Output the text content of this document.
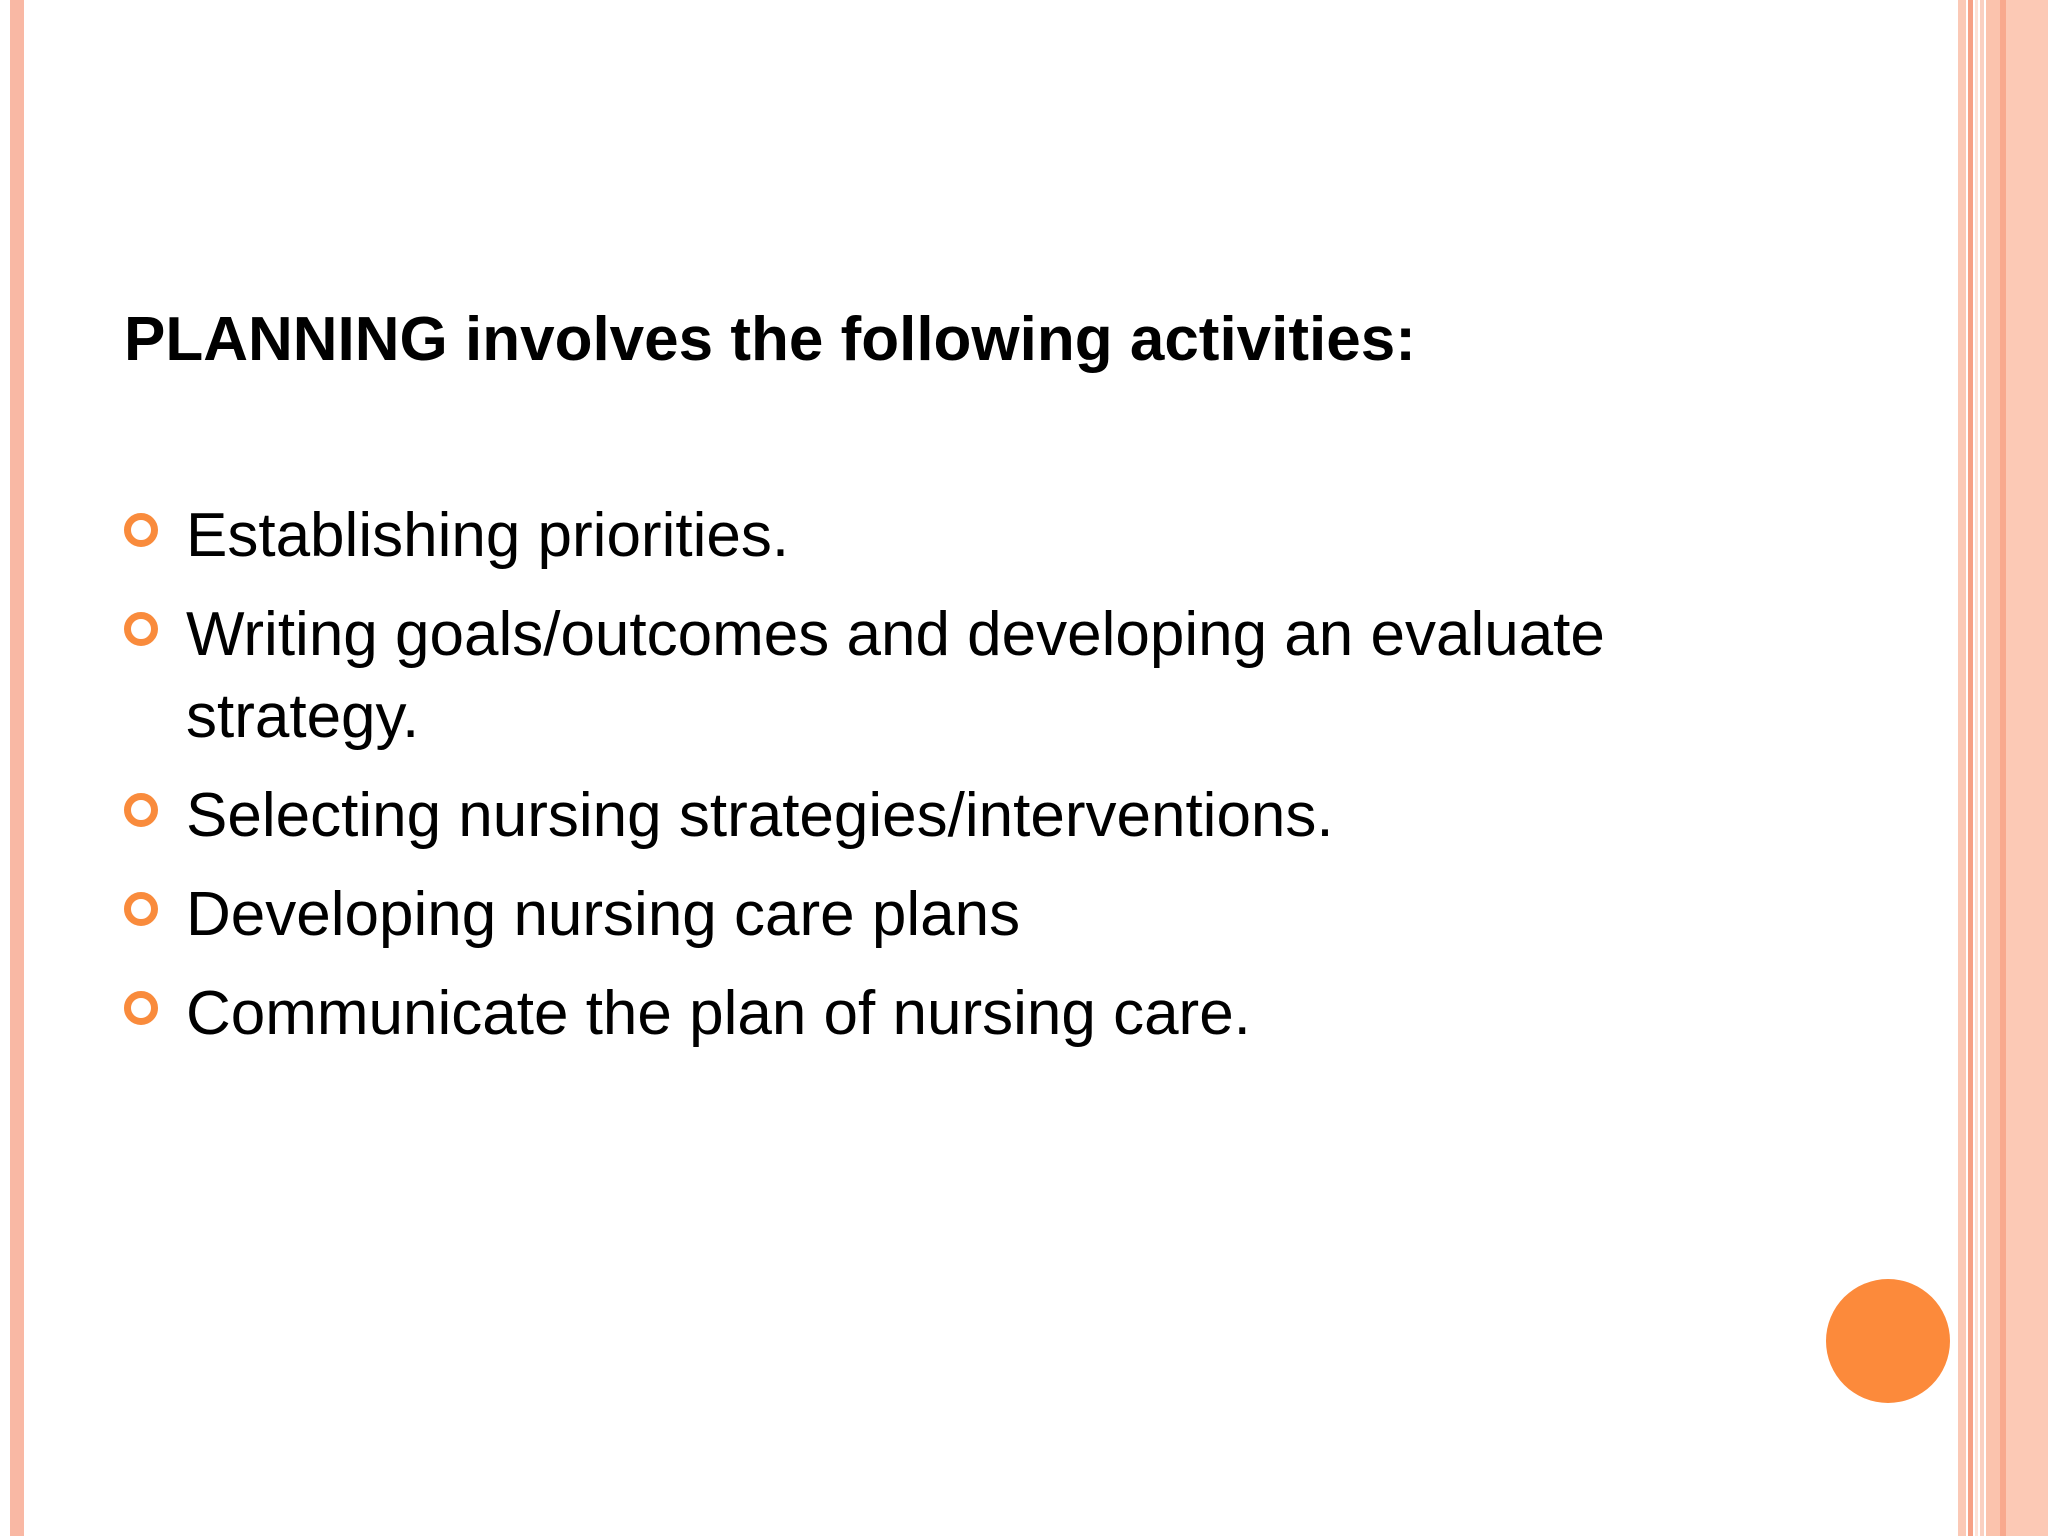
PLANNING involves the following activities:
Establishing priorities.
Writing goals/outcomes and developing an evaluate strategy.
Selecting nursing strategies/interventions.
Developing nursing care plans
Communicate the plan of nursing care.
